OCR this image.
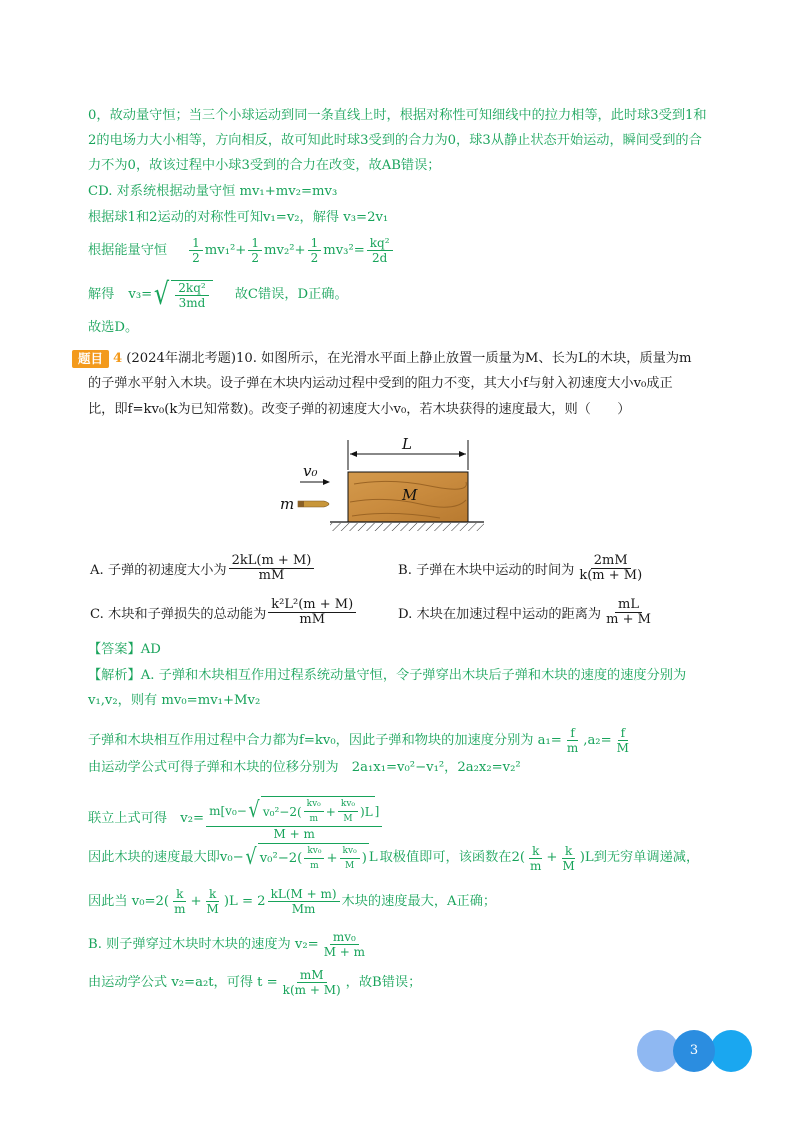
0，故动量守恒；当三个小球运动到同一条直线上时，根据对称性可知细线中的拉力相等，此时球3受到1和
2的电场力大小相等，方向相反，故可知此时球3受到的合力为0，球3从静止状态开始运动，瞬间受到的合
力不为0，故该过程中小球3受到的合力在改变，故AB错误；
CD. 对系统根据动量守恒 mv₁+mv₂=mv₃
根据球1和2运动的对称性可知v₁=v₂，解得 v₃=2v₁
根据能量守恒 $\frac{1}{2} mv_1^2+ \frac{1}{2} mv_2^2+ \frac{1}{2} mv_3^2= \frac{\text{kq²}}{2d}$
解得 v₃= √ $\frac{\text{2kq²}}{3md}$ 故C错误，D正确。
故选D。
题目 4 (2024年湖北考题)10. 如图所示，在光滑水平面上静止放置一质量为M、长为L的木块，质量为m
的子弹水平射入木块。设子弹在木块内运动过程中受到的阻力不变，其大小f与射入初速度大小v₀成正
比，即f=kv₀(k为已知常数)。改变子弹的初速度大小v₀，若木块获得的速度最大，则（　　）
L
M
v₀
m
A. 子弹的初速度大小为 $\frac{2kL(m + M)}{mM}$	B. 子弹在木块中运动的时间为 $\frac{2mM}{k(m + M)}$
C. 木块和子弹损失的总动能为 $\frac{\text{k²L²(m + M)}}{mM}$	D. 木块在加速过程中运动的距离为 $\frac{mL}{m + M}$
【答案】AD
【解析】A. 子弹和木块相互作用过程系统动量守恒，令子弹穿出木块后子弹和木块的速度的速度分别为
v₁,v₂，则有 mv₀=mv₁+Mv₂
子弹和木块相互作用过程中合力都为f=kv₀，因此子弹和物块的加速度分别为 $a_1= \frac{f}{m} ,a_2= \frac{f}{M}$
由运动学公式可得子弹和木块的位移分别为　2a₁x₁=v₀²−v₁²，2a₂x₂=v₂²
联立上式可得　$v_2= \frac{m[v_0- √ v_0^2-2( \frac{\text{kv₀}}{m} + \frac{\text{kv₀}}{M} )L ]}{M + m}$
因此木块的速度最大即 v₀− √ $v_0^2-2( \frac{\text{kv₀}}{m} + \frac{\text{kv₀}}{M}$ ) L 取极值即可，该函数在 $2( \frac{k}{m} + \frac{k}{M} )L$ 到无穷单调递减，
因此当 $v_0= 2( \frac{k}{m} + \frac{k}{M} )L = 2 \frac{kL(M + m)}{Mm}$ 木块的速度最大，A正确；
B. 则子弹穿过木块时木块的速度为 $v_2= \frac{\text{mv₀}}{M + m}$
由运动学公式 v₂=a₂t，可得 $t = \frac{mM}{k(m + M)}$ ，故B错误；
3
